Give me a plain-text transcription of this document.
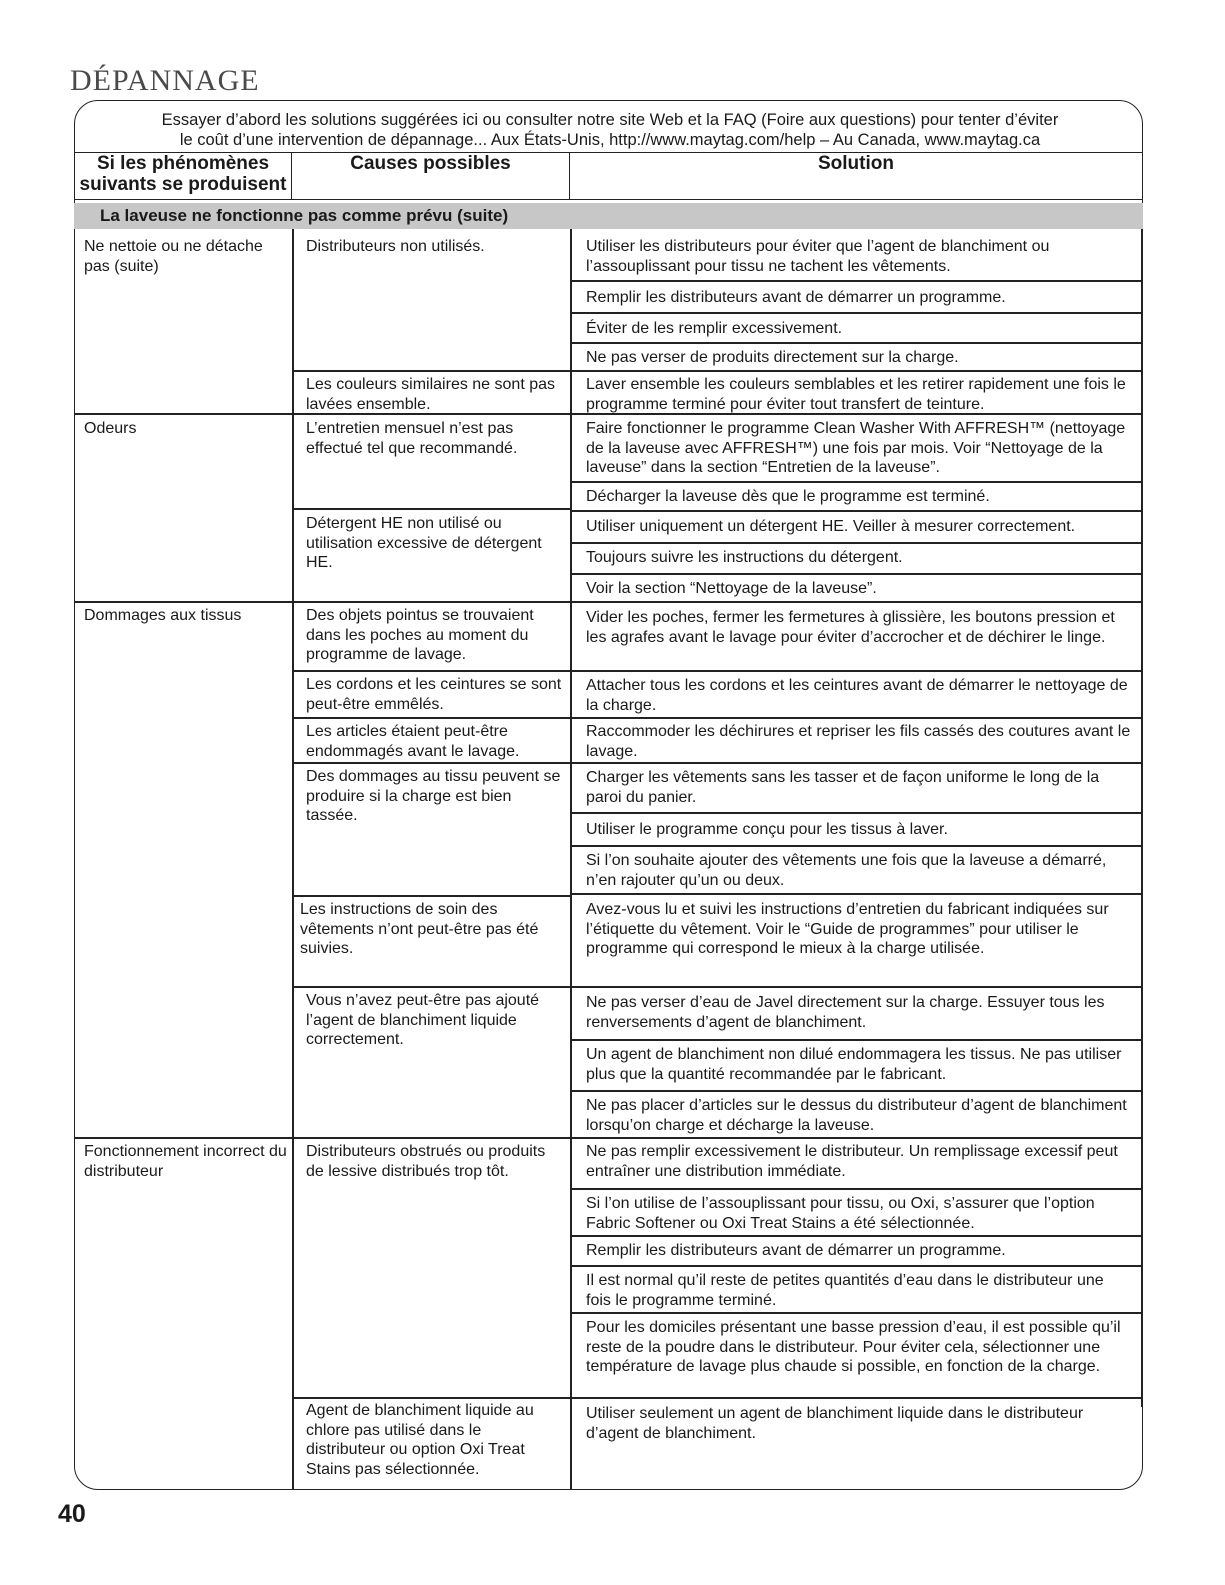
DÉPANNAGE
Essayer d’abord les solutions suggérées ici ou consulter notre site Web et la FAQ (Foire aux questions) pour tenter d’éviter
le coût d’une intervention de dépannage... Aux États-Unis, http://www.maytag.com/help – Au Canada, www.maytag.ca
Si les phénomènes suivants se produisent
Causes possibles	Solution
La laveuse ne fonctionne pas comme prévu (suite)
Ne nettoie ou ne détache pas (suite)
Odeurs
Dommages aux tissus
Fonctionnement incorrect du distributeur
Distributeurs non utilisés.
Les couleurs similaires ne sont pas lavées ensemble.
L’entretien mensuel n’est pas effectué tel que recommandé.
Détergent HE non utilisé ou utilisation excessive de détergent HE.
Des objets pointus se trouvaient dans les poches au moment du programme de lavage.
Les cordons et les ceintures se sont peut-être emmêlés.
Les articles étaient peut-être endommagés avant le lavage.
Des dommages au tissu peuvent se produire si la charge est bien tassée.
Les instructions de soin des vêtements n’ont peut-être pas été suivies.
Vous n’avez peut-être pas ajouté l’agent de blanchiment liquide correctement.
Distributeurs obstrués ou produits de lessive distribués trop tôt.
Agent de blanchiment liquide au chlore pas utilisé dans le distributeur ou option Oxi Treat Stains pas sélectionnée.
Utiliser les distributeurs pour éviter que l’agent de blanchiment ou l’assouplissant pour tissu ne tachent les vêtements.
Remplir les distributeurs avant de démarrer un programme.
Éviter de les remplir excessivement.
Ne pas verser de produits directement sur la charge.
Laver ensemble les couleurs semblables et les retirer rapidement une fois le programme terminé pour éviter tout transfert de teinture.
Faire fonctionner le programme Clean Washer With AFFRESH™ (nettoyage de la laveuse avec AFFRESH™) une fois par mois. Voir “Nettoyage de la laveuse” dans la section “Entretien de la laveuse”.
Décharger la laveuse dès que le programme est terminé.
Utiliser uniquement un détergent HE. Veiller à mesurer correctement.
Toujours suivre les instructions du détergent.
Voir la section “Nettoyage de la laveuse”.
Vider les poches, fermer les fermetures à glissière, les boutons pression et les agrafes avant le lavage pour éviter d’accrocher et de déchirer le linge.
Attacher tous les cordons et les ceintures avant de démarrer le nettoyage de la charge.
Raccommoder les déchirures et repriser les fils cassés des coutures avant le lavage.
Charger les vêtements sans les tasser et de façon uniforme le long de la paroi du panier.
Utiliser le programme conçu pour les tissus à laver.
Si l’on souhaite ajouter des vêtements une fois que la laveuse a démarré, n’en rajouter qu’un ou deux.
Avez-vous lu et suivi les instructions d’entretien du fabricant indiquées sur l’étiquette du vêtement. Voir le “Guide de programmes” pour utiliser le programme qui correspond le mieux à la charge utilisée.
Ne pas verser d’eau de Javel directement sur la charge. Essuyer tous les renversements d’agent de blanchiment.
Un agent de blanchiment non dilué endommagera les tissus. Ne pas utiliser plus que la quantité recommandée par le fabricant.
Ne pas placer d’articles sur le dessus du distributeur d’agent de blanchiment lorsqu’on charge et décharge la laveuse.
Ne pas remplir excessivement le distributeur. Un remplissage excessif peut entraîner une distribution immédiate.
Si l’on utilise de l’assouplissant pour tissu, ou Oxi, s’assurer que l’option Fabric Softener ou Oxi Treat Stains a été sélectionnée.
Remplir les distributeurs avant de démarrer un programme.
Il est normal qu’il reste de petites quantités d’eau dans le distributeur une fois le programme terminé.
Pour les domiciles présentant une basse pression d’eau, il est possible qu’il reste de la poudre dans le distributeur. Pour éviter cela, sélectionner une température de lavage plus chaude si possible, en fonction de la charge.
Utiliser seulement un agent de blanchiment liquide dans le distributeur d’agent de blanchiment.
40
